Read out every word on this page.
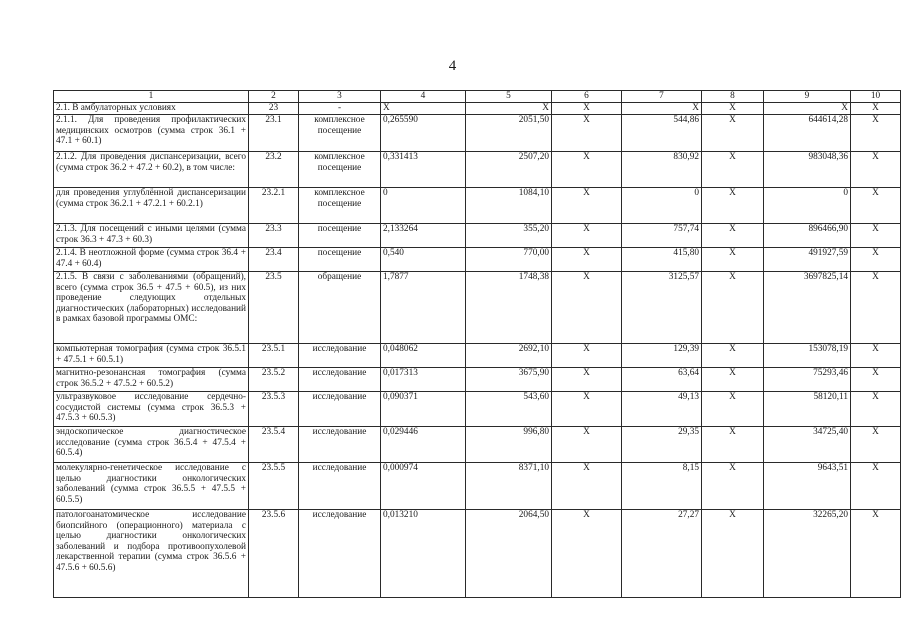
4
1	2	3	4	5	6	7	8	9	10
2.1. В амбулаторных условиях	23	-	X	X	X	X	X	X	X
2.1.1. Для проведения профилактических медицинских осмотров (сумма строк 36.1 + 47.1 + 60.1)	23.1	комплексное посещение	0,265590	2051,50	X	544,86	X	644614,28	X
2.1.2. Для проведения диспансеризации, всего (сумма строк 36.2 + 47.2 + 60.2), в том числе:	23.2	комплексное посещение	0,331413	2507,20	X	830,92	X	983048,36	X
для проведения углублённой диспансеризации (сумма строк 36.2.1 + 47.2.1 + 60.2.1)	23.2.1	комплексное посещение	0	1084,10	X	0	X	0	X
2.1.3. Для посещений с иными целями (сумма строк 36.3 + 47.3 + 60.3)	23.3	посещение	2,133264	355,20	X	757,74	X	896466,90	X
2.1.4. В неотложной форме (сумма строк 36.4 + 47.4 + 60.4)	23.4	посещение	0,540	770,00	X	415,80	X	491927,59	X
2.1.5. В связи с заболеваниями (обращений), всего (сумма строк 36.5 + 47.5 + 60.5), из них проведение следующих отдельных диагностических (лабораторных) исследований в рамках базовой программы ОМС:	23.5	обращение	1,7877	1748,38	X	3125,57	X	3697825,14	X
компьютерная томография (сумма строк 36.5.1 + 47.5.1 + 60.5.1)	23.5.1	исследование	0,048062	2692,10	X	129,39	X	153078,19	X
магнитно-резонансная томография (сумма строк 36.5.2 + 47.5.2 + 60.5.2)	23.5.2	исследование	0,017313	3675,90	X	63,64	X	75293,46	X
ультразвуковое исследование сердечно-сосудистой системы (сумма строк 36.5.3 + 47.5.3 + 60.5.3)	23.5.3	исследование	0,090371	543,60	X	49,13	X	58120,11	X
эндоскопическое диагностическое исследование (сумма строк 36.5.4 + 47.5.4 + 60.5.4)	23.5.4	исследование	0,029446	996,80	X	29,35	X	34725,40	X
молекулярно-генетическое исследование с целью диагностики онкологических заболеваний (сумма строк 36.5.5 + 47.5.5 + 60.5.5)	23.5.5	исследование	0,000974	8371,10	X	8,15	X	9643,51	X
патологоанатомическое исследование биопсийного (операционного) материала с целью диагностики онкологических заболеваний и подбора противоопухолевой лекарственной терапии (сумма строк 36.5.6 + 47.5.6 + 60.5.6)	23.5.6	исследование	0,013210	2064,50	X	27,27	X	32265,20	X
